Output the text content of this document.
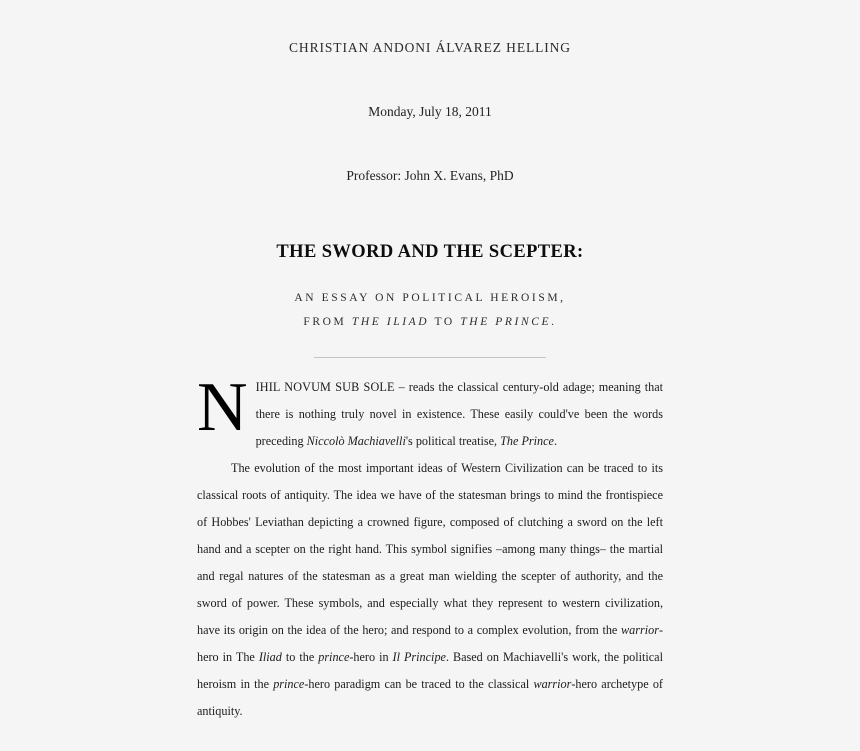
CHRISTIAN ANDONI ÁLVAREZ HELLING
Monday, July 18, 2011
Professor: John X. Evans, PhD
THE SWORD AND THE SCEPTER:
AN ESSAY ON POLITICAL HEROISM,
FROM THE ILIAD TO THE PRINCE.

NIHIL NOVUM SUB SOLE – reads the classical century-old adage; meaning that there is nothing truly novel in existence. These easily could've been the words preceding Niccolò Machiavelli's political treatise, The Prince.

The evolution of the most important ideas of Western Civilization can be traced to its classical roots of antiquity. The idea we have of the statesman brings to mind the frontispiece of Hobbes' Leviathan depicting a crowned figure, composed of clutching a sword on the left hand and a scepter on the right hand. This symbol signifies –among many things– the martial and regal natures of the statesman as a great man wielding the scepter of authority, and the sword of power. These symbols, and especially what they represent to western civilization, have its origin on the idea of the hero; and respond to a complex evolution, from the warrior-hero in The Iliad to the prince-hero in Il Principe. Based on Machiavelli's work, the political heroism in the prince-hero paradigm can be traced to the classical warrior-hero archetype of antiquity.
